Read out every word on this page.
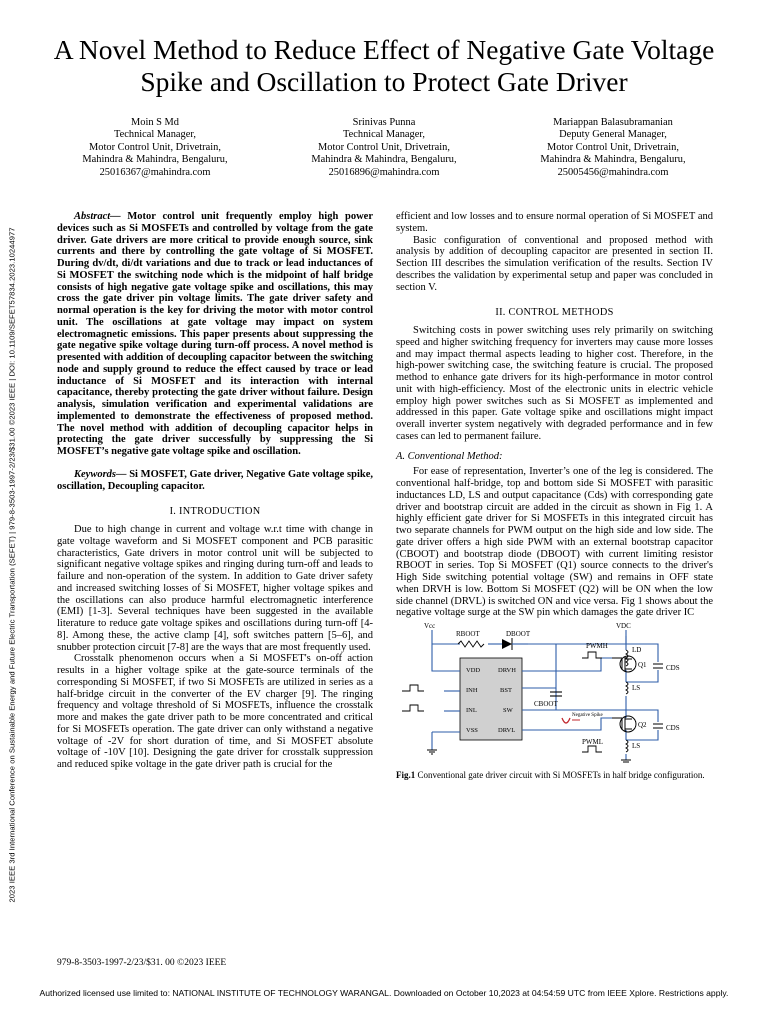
A Novel Method to Reduce Effect of Negative Gate Voltage Spike and Oscillation to Protect Gate Driver
Moin S Md
Technical Manager,
Motor Control Unit, Drivetrain,
Mahindra & Mahindra, Bengaluru,
25016367@mahindra.com
Srinivas Punna
Technical Manager,
Motor Control Unit, Drivetrain,
Mahindra & Mahindra, Bengaluru,
25016896@mahindra.com
Mariappan Balasubramanian
Deputy General Manager,
Motor Control Unit, Drivetrain,
Mahindra & Mahindra, Bengaluru,
25005456@mahindra.com
2023 IEEE 3rd International Conference on Sustainable Energy and Future Electric Transportation (SEFET) | 979-8-3503-1997-2/23/$31.00 ©2023 IEEE | DOI: 10.1109/SEFET57834.2023.10244977

Abstract— Motor control unit frequently employ high power devices such as Si MOSFETs and controlled by voltage from the gate driver. Gate drivers are more critical to provide enough source, sink currents and there by controlling the gate voltage of Si MOSFET. During dv/dt, di/dt variations and due to track or lead inductances of Si MOSFET the switching node which is the midpoint of half bridge consists of high negative gate voltage spike and oscillations, this may cross the gate driver pin voltage limits. The gate driver safety and normal operation is the key for driving the motor with motor control unit. The oscillations at gate voltage may impact on system electromagnetic emissions. This paper presents about suppressing the gate negative spike voltage during turn-off process. A novel method is presented with addition of decoupling capacitor between the switching node and supply ground to reduce the effect caused by trace or lead inductance of Si MOSFET and its interaction with internal capacitance, thereby protecting the gate driver without failure. Design analysis, simulation verification and experimental validations are implemented to demonstrate the effectiveness of proposed method. The novel method with addition of decoupling capacitor helps in protecting the gate driver successfully by suppressing the Si MOSFET’s negative gate voltage spike and oscillation.

Keywords— Si MOSFET, Gate driver, Negative Gate voltage spike, oscillation, Decoupling capacitor.

I. INTRODUCTION

Due to high change in current and voltage w.r.t time with change in gate voltage waveform and Si MOSFET component and PCB parasitic characteristics, Gate drivers in motor control unit will be subjected to significant negative voltage spikes and ringing during turn-off and leads to failure and non-operation of the system. In addition to Gate driver safety and increased switching losses of Si MOSFET, higher voltage spikes and the oscillations can also produce harmful electromagnetic interference (EMI) [1-3]. Several techniques have been suggested in the available literature to reduce gate voltage spikes and oscillations during turn-off [4-8]. Among these, the active clamp [4], soft switches pattern [5–6], and snubber protection circuit [7-8] are the ways that are most frequently used.

Crosstalk phenomenon occurs when a Si MOSFET's on-off action results in a higher voltage spike at the gate-source terminals of the corresponding Si MOSFET, if two Si MOSFETs are utilized in series as a half-bridge circuit in the converter of the EV charger [9]. The ringing frequency and voltage threshold of Si MOSFETs, influence the crosstalk more and makes the gate driver path to be more concentrated and critical for Si MOSFETs operation. The gate driver can only withstand a negative voltage of -2V for short duration of time, and Si MOSFET absolute voltage of -10V [10]. Designing the gate driver for crosstalk suppression and reduced spike voltage in the gate driver path is crucial for the

efficient and low losses and to ensure normal operation of Si MOSFET and system.

Basic configuration of conventional and proposed method with analysis by addition of decoupling capacitor are presented in section II. Section III describes the simulation verification of the results. Section IV describes the validation by experimental setup and paper was concluded in section V.

II. CONTROL METHODS

Switching costs in power switching uses rely primarily on switching speed and higher switching frequency for inverters may cause more losses and may impact thermal aspects leading to higher cost. Therefore, in the high-power switching case, the switching feature is crucial. The proposed method to enhance gate drivers for its high-performance in motor control unit with high-efficiency. Most of the electronic units in electric vehicle employ high power switches such as Si MOSFET as implemented and addressed in this paper. Gate voltage spike and oscillations might impact overall inverter system negatively with degraded performance and in few cases can led to permanent failure.

A. Conventional Method:

For ease of representation, Inverter’s one of the leg is considered. The conventional half-bridge, top and bottom side Si MOSFET with parasitic inductances LD, LS and output capacitance (Cds) with corresponding gate driver and bootstrap circuit are added in the circuit as shown in Fig 1. A highly efficient gate driver for Si MOSFETs in this integrated circuit has two separate channels for PWM output on the high side and low side. The gate driver offers a high side PWM with an external bootstrap capacitor (CBOOT) and bootstrap diode (DBOOT) with current limiting resistor RBOOT in series. Top Si MOSFET (Q1) source connects to the driver's High Side switching potential voltage (SW) and remains in OFF state when DRVH is low. Bottom Si MOSFET (Q2) will be ON when the low side channel (DRVL) is switched ON and vice versa. Fig 1 shows about the negative voltage surge at the SW pin which damages the gate driver IC

VDD
INH
INL
VSS
DRVH
BST
SW
DRVL
Vcc
RBOOT	DBOOT
VDC
PWMH	LD
Q1	CDS
LS
CBOOT
Q2	CDS
LS
PWML
Negative Spike

Fig.1 Conventional gate driver circuit with Si MOSFETs in half bridge configuration.

979-8-3503-1997-2/23/$31. 00 ©2023 IEEE
Authorized licensed use limited to: NATIONAL INSTITUTE OF TECHNOLOGY WARANGAL. Downloaded on October 10,2023 at 04:54:59 UTC from IEEE Xplore. Restrictions apply.
